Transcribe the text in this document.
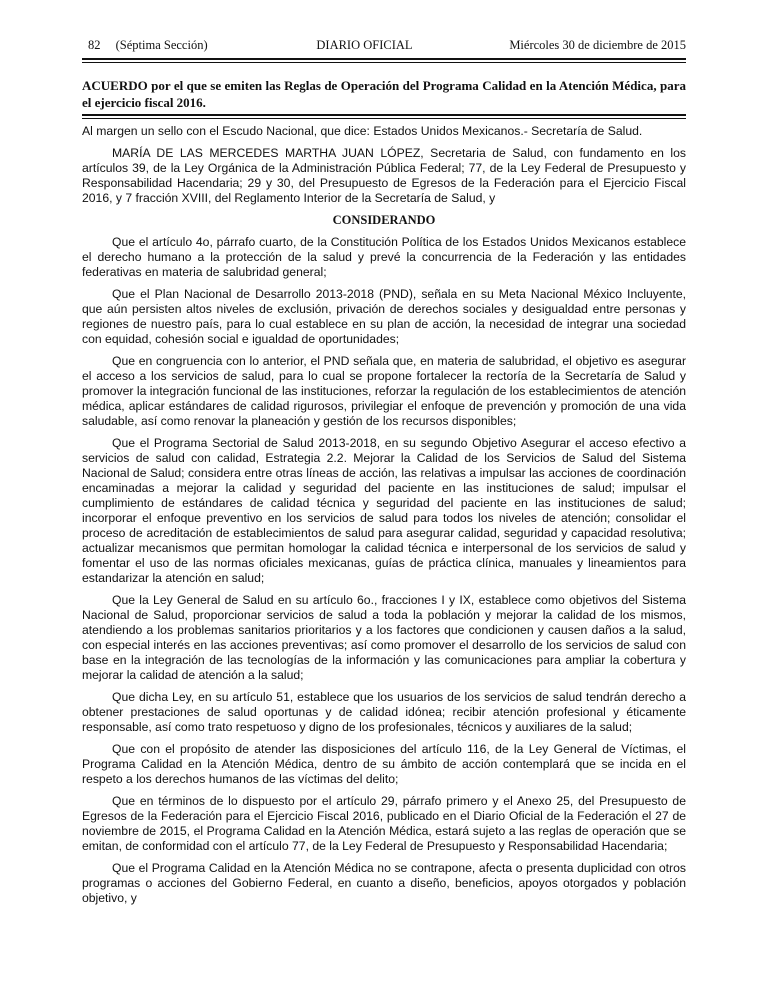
82 (Séptima Sección)	DIARIO OFICIAL	Miércoles 30 de diciembre de 2015
ACUERDO por el que se emiten las Reglas de Operación del Programa Calidad en la Atención Médica, para el ejercicio fiscal 2016.

Al margen un sello con el Escudo Nacional, que dice: Estados Unidos Mexicanos.- Secretaría de Salud.

MARÍA DE LAS MERCEDES MARTHA JUAN LÓPEZ, Secretaria de Salud, con fundamento en los artículos 39, de la Ley Orgánica de la Administración Pública Federal; 77, de la Ley Federal de Presupuesto y Responsabilidad Hacendaria; 29 y 30, del Presupuesto de Egresos de la Federación para el Ejercicio Fiscal 2016, y 7 fracción XVIII, del Reglamento Interior de la Secretaría de Salud, y

CONSIDERANDO

Que el artículo 4o, párrafo cuarto, de la Constitución Política de los Estados Unidos Mexicanos establece el derecho humano a la protección de la salud y prevé la concurrencia de la Federación y las entidades federativas en materia de salubridad general;

Que el Plan Nacional de Desarrollo 2013-2018 (PND), señala en su Meta Nacional México Incluyente, que aún persisten altos niveles de exclusión, privación de derechos sociales y desigualdad entre personas y regiones de nuestro país, para lo cual establece en su plan de acción, la necesidad de integrar una sociedad con equidad, cohesión social e igualdad de oportunidades;

Que en congruencia con lo anterior, el PND señala que, en materia de salubridad, el objetivo es asegurar el acceso a los servicios de salud, para lo cual se propone fortalecer la rectoría de la Secretaría de Salud y promover la integración funcional de las instituciones, reforzar la regulación de los establecimientos de atención médica, aplicar estándares de calidad rigurosos, privilegiar el enfoque de prevención y promoción de una vida saludable, así como renovar la planeación y gestión de los recursos disponibles;

Que el Programa Sectorial de Salud 2013-2018, en su segundo Objetivo Asegurar el acceso efectivo a servicios de salud con calidad, Estrategia 2.2. Mejorar la Calidad de los Servicios de Salud del Sistema Nacional de Salud; considera entre otras líneas de acción, las relativas a impulsar las acciones de coordinación encaminadas a mejorar la calidad y seguridad del paciente en las instituciones de salud; impulsar el cumplimiento de estándares de calidad técnica y seguridad del paciente en las instituciones de salud; incorporar el enfoque preventivo en los servicios de salud para todos los niveles de atención; consolidar el proceso de acreditación de establecimientos de salud para asegurar calidad, seguridad y capacidad resolutiva; actualizar mecanismos que permitan homologar la calidad técnica e interpersonal de los servicios de salud y fomentar el uso de las normas oficiales mexicanas, guías de práctica clínica, manuales y lineamientos para estandarizar la atención en salud;

Que la Ley General de Salud en su artículo 6o., fracciones I y IX, establece como objetivos del Sistema Nacional de Salud, proporcionar servicios de salud a toda la población y mejorar la calidad de los mismos, atendiendo a los problemas sanitarios prioritarios y a los factores que condicionen y causen daños a la salud, con especial interés en las acciones preventivas; así como promover el desarrollo de los servicios de salud con base en la integración de las tecnologías de la información y las comunicaciones para ampliar la cobertura y mejorar la calidad de atención a la salud;

Que dicha Ley, en su artículo 51, establece que los usuarios de los servicios de salud tendrán derecho a obtener prestaciones de salud oportunas y de calidad idónea; recibir atención profesional y éticamente responsable, así como trato respetuoso y digno de los profesionales, técnicos y auxiliares de la salud;

Que con el propósito de atender las disposiciones del artículo 116, de la Ley General de Víctimas, el Programa Calidad en la Atención Médica, dentro de su ámbito de acción contemplará que se incida en el respeto a los derechos humanos de las víctimas del delito;

Que en términos de lo dispuesto por el artículo 29, párrafo primero y el Anexo 25, del Presupuesto de Egresos de la Federación para el Ejercicio Fiscal 2016, publicado en el Diario Oficial de la Federación el 27 de noviembre de 2015, el Programa Calidad en la Atención Médica, estará sujeto a las reglas de operación que se emitan, de conformidad con el artículo 77, de la Ley Federal de Presupuesto y Responsabilidad Hacendaria;

Que el Programa Calidad en la Atención Médica no se contrapone, afecta o presenta duplicidad con otros programas o acciones del Gobierno Federal, en cuanto a diseño, beneficios, apoyos otorgados y población objetivo, y
